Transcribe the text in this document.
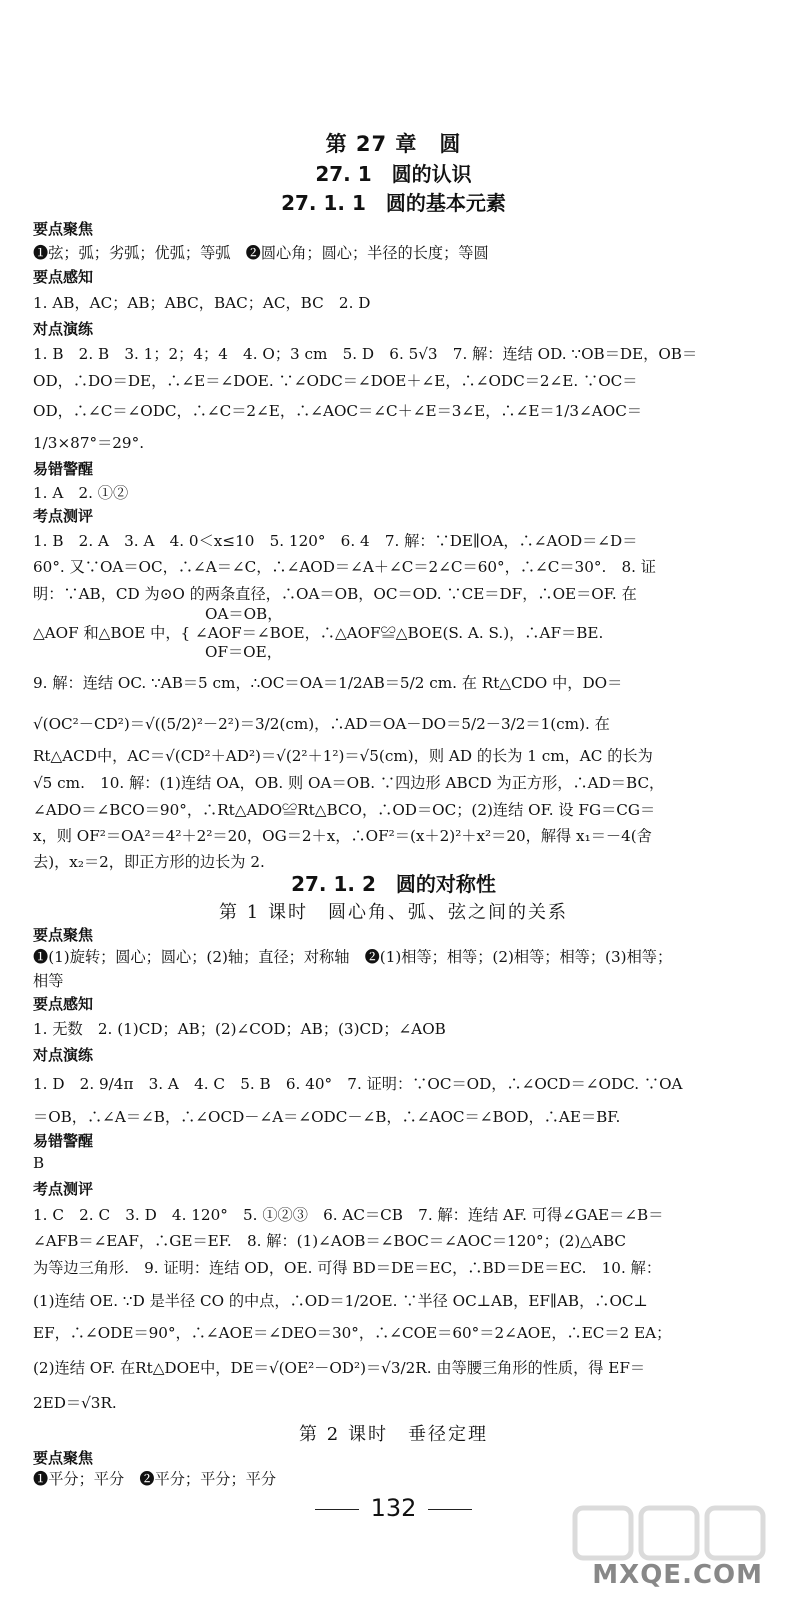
第 27 章　圆
27. 1　圆的认识
27. 1. 1　圆的基本元素
要点聚焦
❶弦；弧；劣弧；优弧；等弧　❷圆心角；圆心；半径的长度；等圆
要点感知
1. AB，AC；AB；ABC，BAC；AC，BC　2. D
对点演练
1. B　2. B　3. 1；2；4；4　4. O；3 cm　5. D　6. 5√3　7. 解：连结 OD. ∵OB＝DE，OB＝
OD，∴DO＝DE，∴∠E＝∠DOE. ∵∠ODC＝∠DOE＋∠E，∴∠ODC＝2∠E. ∵OC＝
OD，∴∠C＝∠ODC，∴∠C＝2∠E，∴∠AOC＝∠C＋∠E＝3∠E，∴∠E＝1/3∠AOC＝
1/3×87°＝29°.
易错警醒
1. A　2. ①②
考点测评
1. B　2. A　3. A　4. 0＜x≤10　5. 120°　6. 4　7. 解：∵DE∥OA，∴∠AOD＝∠D＝
60°. 又∵OA＝OC，∴∠A＝∠C，∴∠AOD＝∠A＋∠C＝2∠C＝60°，∴∠C＝30°.　8. 证
明：∵AB，CD 为⊙O 的两条直径，∴OA＝OB，OC＝OD. ∵CE＝DF，∴OE＝OF. 在
OA＝OB，
△AOF 和△BOE 中，{ ∠AOF＝∠BOE，∴△AOF≌△BOE(S. A. S.)，∴AF＝BE.
OF＝OE，
9. 解：连结 OC. ∵AB＝5 cm，∴OC＝OA＝1/2AB＝5/2 cm. 在 Rt△CDO 中，DO＝
√(OC²－CD²)＝√((5/2)²－2²)＝3/2(cm)，∴AD＝OA－DO＝5/2－3/2＝1(cm). 在
Rt△ACD中，AC＝√(CD²＋AD²)＝√(2²＋1²)＝√5(cm)，则 AD 的长为 1 cm，AC 的长为
√5 cm.　10. 解：(1)连结 OA，OB. 则 OA＝OB. ∵四边形 ABCD 为正方形，∴AD＝BC，
∠ADO＝∠BCO＝90°，∴Rt△ADO≌Rt△BCO，∴OD＝OC；(2)连结 OF. 设 FG＝CG＝
x，则 OF²＝OA²＝4²＋2²＝20，OG＝2＋x，∴OF²＝(x＋2)²＋x²＝20，解得 x₁＝－4(舍
去)，x₂＝2，即正方形的边长为 2.
27. 1. 2　圆的对称性
第 1 课时　圆心角、弧、弦之间的关系
要点聚焦
❶(1)旋转；圆心；圆心；(2)轴；直径；对称轴　❷(1)相等；相等；(2)相等；相等；(3)相等；
相等
要点感知
1. 无数　2. (1)CD；AB；(2)∠COD；AB；(3)CD；∠AOB
对点演练
1. D　2. 9/4π　3. A　4. C　5. B　6. 40°　7. 证明：∵OC＝OD，∴∠OCD＝∠ODC. ∵OA
＝OB，∴∠A＝∠B，∴∠OCD－∠A＝∠ODC－∠B，∴∠AOC＝∠BOD，∴AE＝BF.
易错警醒
B
考点测评
1. C　2. C　3. D　4. 120°　5. ①②③　6. AC＝CB　7. 解：连结 AF. 可得∠GAE＝∠B＝
∠AFB＝∠EAF，∴GE＝EF.　8. 解：(1)∠AOB＝∠BOC＝∠AOC＝120°；(2)△ABC
为等边三角形.　9. 证明：连结 OD，OE. 可得 BD＝DE＝EC，∴BD＝DE＝EC.　10. 解：
(1)连结 OE. ∵D 是半径 CO 的中点，∴OD＝1/2OE. ∵半径 OC⊥AB，EF∥AB，∴OC⊥
EF，∴∠ODE＝90°，∴∠AOE＝∠DEO＝30°，∴∠COE＝60°＝2∠AOE，∴EC＝2 EA；
(2)连结 OF. 在Rt△DOE中，DE＝√(OE²－OD²)＝√3/2R. 由等腰三角形的性质，得 EF＝
2ED＝√3R.
第 2 课时　垂径定理
要点聚焦
❶平分；平分　❷平分；平分；平分
132
MXQE.COM
